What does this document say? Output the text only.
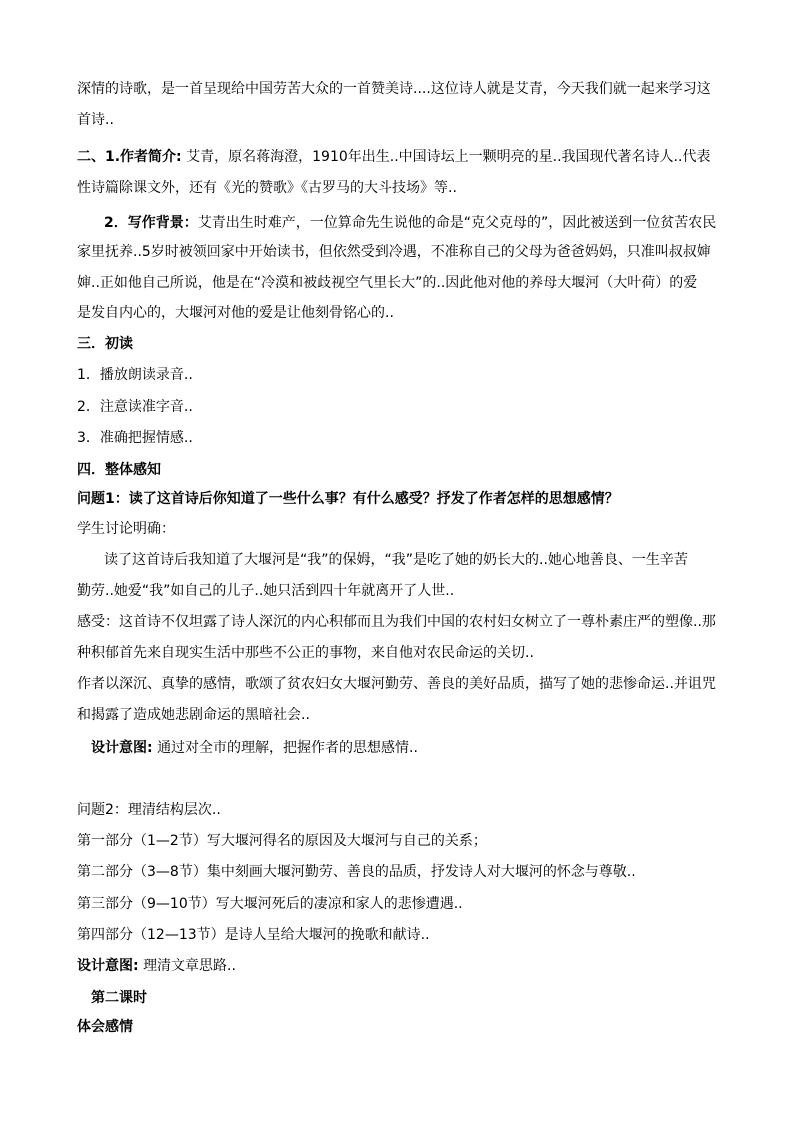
深情的诗歌，是一首呈现给中国劳苦大众的一首赞美诗....这位诗人就是艾青，今天我们就一起来学习这
首诗..
二、1.作者简介: 艾青，原名蒋海澄，1910年出生..中国诗坛上一颗明亮的星..我国现代著名诗人..代表
性诗篇除课文外，还有《光的赞歌》《古罗马的大斗技场》等..
2．写作背景：艾青出生时难产，一位算命先生说他的命是“克父克母的”，因此被送到一位贫苦农民
家里抚养..5岁时被领回家中开始读书，但依然受到冷遇，不准称自己的父母为爸爸妈妈，只准叫叔叔婶
婶..正如他自己所说，他是在“冷漠和被歧视空气里长大”的..因此他对他的养母大堰河（大叶荷）的爱
是发自内心的，大堰河对他的爱是让他刻骨铭心的..
三．初读
1．播放朗读录音..
2．注意读准字音..
3．准确把握情感..
四．整体感知
问题1：读了这首诗后你知道了一些什么事？有什么感受？抒发了作者怎样的思想感情？
学生讨论明确：
读了这首诗后我知道了大堰河是“我”的保姆，“我”是吃了她的奶长大的..她心地善良、一生辛苦
勤劳..她爱“我”如自己的儿子..她只活到四十年就离开了人世..
感受：这首诗不仅坦露了诗人深沉的内心积郁而且为我们中国的农村妇女树立了一尊朴素庄严的塑像..那
种积郁首先来自现实生活中那些不公正的事物，来自他对农民命运的关切..
作者以深沉、真挚的感情，歌颂了贫农妇女大堰河勤劳、善良的美好品质，描写了她的悲惨命运..并诅咒
和揭露了造成她悲剧命运的黑暗社会..
设计意图: 通过对全市的理解，把握作者的思想感情..
问题2：理清结构层次..
第一部分（1—2节）写大堰河得名的原因及大堰河与自己的关系；
第二部分（3—8节）集中刻画大堰河勤劳、善良的品质，抒发诗人对大堰河的怀念与尊敬..
第三部分（9—10节）写大堰河死后的凄凉和家人的悲惨遭遇..
第四部分（12—13节）是诗人呈给大堰河的挽歌和献诗..
设计意图: 理清文章思路..
第二课时
体会感情
